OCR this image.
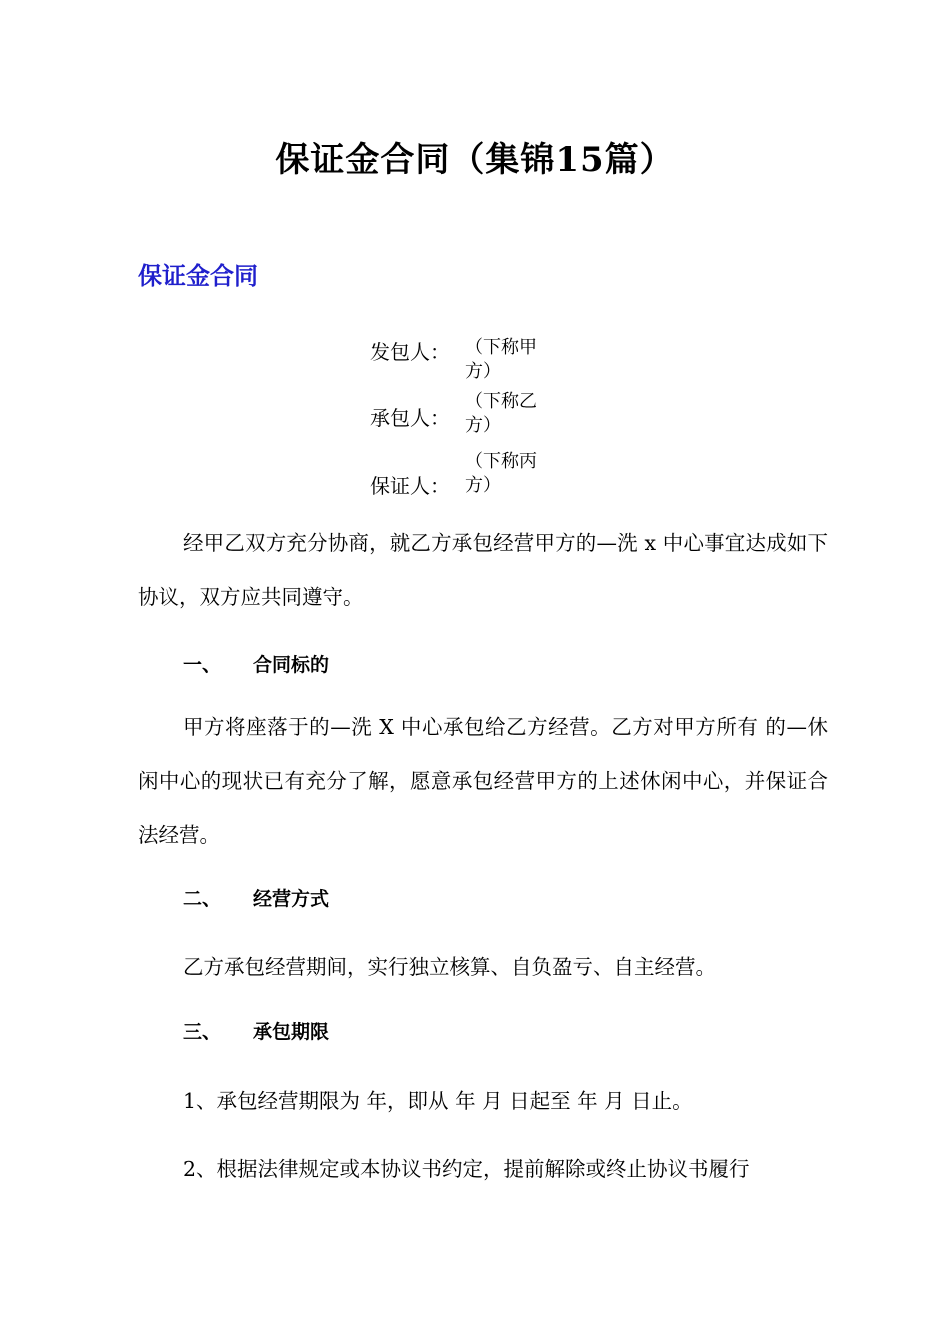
保证金合同（集锦15篇）
保证金合同
发包人： （下称甲
方）
承包人：
（下称乙
方）
保证人：
（下称丙
方）
经甲乙双方充分协商，就乙方承包经营甲方的—洗 x 中心事宜达成如下协议，双方应共同遵守。
一、 合同标的
甲方将座落于的—洗 X 中心承包给乙方经营。乙方对甲方所有 的—休闲中心的现状已有充分了解，愿意承包经营甲方的上述休闲中心，并保证合法经营。
二、 经营方式
乙方承包经营期间，实行独立核算、自负盈亏、自主经营。
三、 承包期限
1、承包经营期限为 年，即从 年 月 日起至 年 月 日止。
2、根据法律规定或本协议书约定，提前解除或终止协议书履行
